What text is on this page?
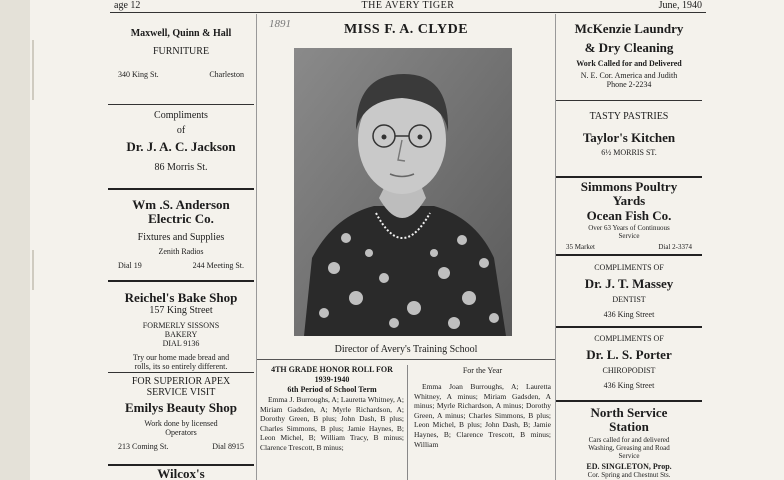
age 12	THE AVERY TIGER	June, 1940
Maxwell, Quinn & Hall
FURNITURE
340 King St.	Charleston
Compliments
of
Dr. J. A. C. Jackson
86 Morris St.
Wm .S. Anderson
Electric Co.
Fixtures and Supplies
Zenith Radios
Dial 19	244 Meeting St.
Reichel's Bake Shop
157 King Street
FORMERLY SISSONS
BAKERY
DIAL 9136
Try our home made bread and
rolls, its so entirely different.
FOR SUPERIOR APEX
SERVICE VISIT
Emilys Beauty Shop
Work done by licensed
Operators
213 Coming St.	Dial 8915
Wilcox's
1891	MISS F. A. CLYDE
Director of Avery's Training School
4TH GRADE HONOR ROLL FOR
1939-1940
6th Period of School Term
Emma J. Burroughs, A; Lauretta Whitney, A; Miriam Gadsden, A; Myrle Richardson, A; Dorothy Green, B plus; John Dash, B plus; Charles Simmons, B plus; Jamie Haynes, B; Leon Michel, B; William Tracy, B minus; Clarence Trescott, B minus;
For the Year
Emma Joan Burroughs, A; Lauretta Whitney, A minus; Miriam Gadsden, A minus; Myrle Richardson, A minus; Dorothy Green, A minus; Charles Simmons, B plus; Leon Michel, B plus; John Dash, B; Jamie Haynes, B; Clarence Trescott, B minus; William
McKenzie Laundry
& Dry Cleaning
Work Called for and Delivered
N. E. Cor. America and Judith
Phone 2-2234
TASTY PASTRIES
Taylor's Kitchen
6½ MORRIS ST.
Simmons Poultry
Yards
Ocean Fish Co.
Over 63 Years of Continuous
Service
35 Market	Dial 2-3374
COMPLIMENTS OF
Dr. J. T. Massey
DENTIST
436 King Street
COMPLIMENTS OF
Dr. L. S. Porter
CHIROPODIST
436 King Street
North Service
Station
Cars called for and delivered
Washing, Greasing and Road
Service
ED. SINGLETON, Prop.
Cor. Spring and Chestnut Sts.
